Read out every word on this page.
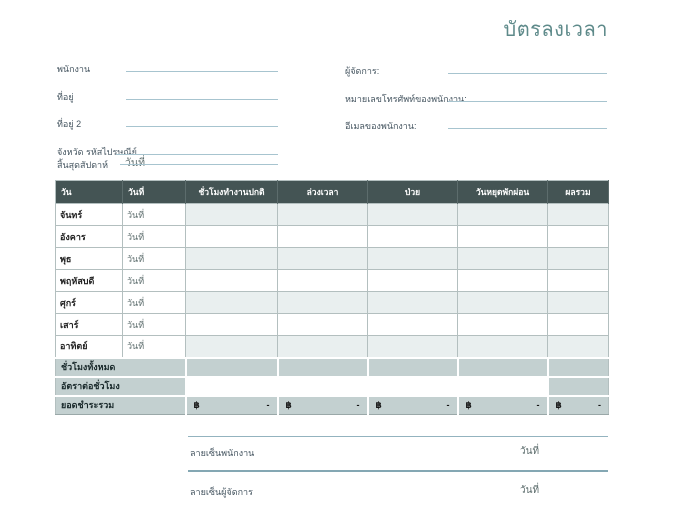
บัตรลงเวลา
พนักงาน
ที่อยู่
ที่อยู่ 2
จังหวัด รหัสไปรษณีย์
ผู้จัดการ:
หมายเลขโทรศัพท์ของพนักงาน:
อีเมลของพนักงาน:
สิ้นสุดสัปดาห์ วันที่
วัน	วันที่	ชั่วโมงทำงานปกติ	ล่วงเวลา	ป่วย	วันหยุดพักผ่อน	ผลรวม
จันทร์	วันที่					
อังคาร	วันที่					
พุธ	วันที่					
พฤหัสบดี	วันที่					
ศุกร์	วันที่					
เสาร์	วันที่					
อาทิตย์	วันที่					
ชั่วโมงทั้งหมด						
อัตราต่อชั่วโมง						
ยอดชำระรวม		฿ -	฿ -	฿ -	฿ -	฿ -
ลายเซ็นพนักงาน	วันที่
ลายเซ็นผู้จัดการ	วันที่
